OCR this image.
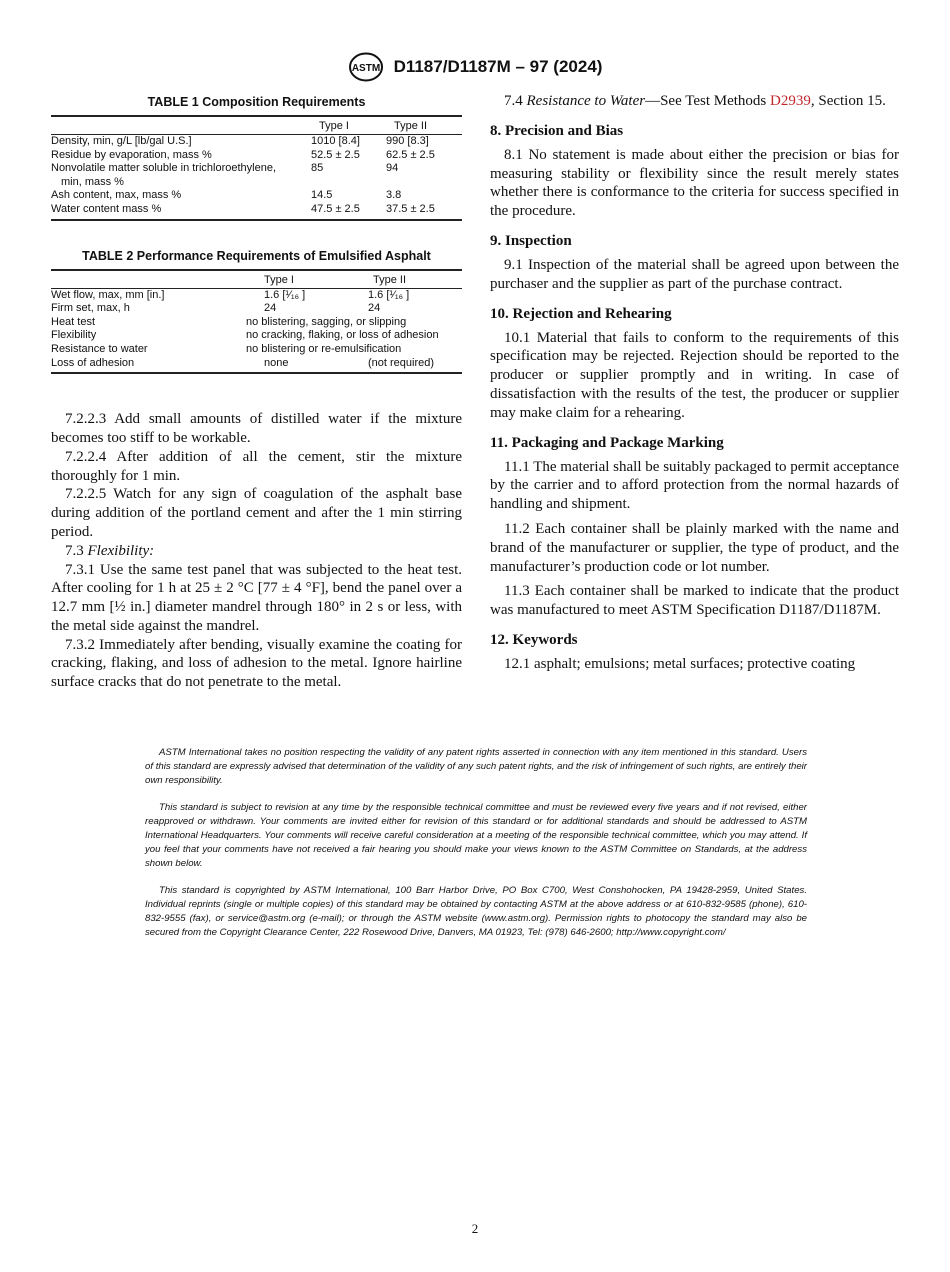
ASTM D1187/D1187M – 97 (2024)
TABLE 1 Composition Requirements
	Type I	Type II
Density, min, g/L [lb/gal U.S.]	1010 [8.4]	990 [8.3]
Residue by evaporation, mass %	52.5 ± 2.5	62.5 ± 2.5

Nonvolatile matter soluble in trichloroethylene,
min, mass %	85	94
Ash content, max, mass %	14.5	3.8
Water content mass %	47.5 ± 2.5	37.5 ± 2.5
TABLE 2 Performance Requirements of Emulsified Asphalt
	Type I	Type II
Wet flow, max, mm [in.]	1.6 [¹⁄₁₆ ]	1.6 [¹⁄₁₆ ]
Firm set, max, h	24	24
Heat test	no blistering, sagging, or slipping	
Flexibility	no cracking, flaking, or loss of adhesion	
Resistance to water	no blistering or re-emulsification	
Loss of adhesion	none	(not required)

7.2.2.3 Add small amounts of distilled water if the mixture becomes too stiff to be workable.

7.2.2.4 After addition of all the cement, stir the mixture thoroughly for 1 min.

7.2.2.5 Watch for any sign of coagulation of the asphalt base during addition of the portland cement and after the 1 min stirring period.

7.3 Flexibility:

7.3.1 Use the same test panel that was subjected to the heat test. After cooling for 1 h at 25 ± 2 °C [77 ± 4 °F], bend the panel over a 12.7 mm [½ in.] diameter mandrel through 180° in 2 s or less, with the metal side against the mandrel.

7.3.2 Immediately after bending, visually examine the coating for cracking, flaking, and loss of adhesion to the metal. Ignore hairline surface cracks that do not penetrate to the metal.

7.4 Resistance to Water—See Test Methods D2939, Section 15.

8. Precision and Bias

8.1 No statement is made about either the precision or bias for measuring stability or flexibility since the result merely states whether there is conformance to the criteria for success specified in the procedure.

9. Inspection

9.1 Inspection of the material shall be agreed upon between the purchaser and the supplier as part of the purchase contract.

10. Rejection and Rehearing

10.1 Material that fails to conform to the requirements of this specification may be rejected. Rejection should be reported to the producer or supplier promptly and in writing. In case of dissatisfaction with the results of the test, the producer or supplier may make claim for a rehearing.

11. Packaging and Package Marking

11.1 The material shall be suitably packaged to permit acceptance by the carrier and to afford protection from the normal hazards of handling and shipment.

11.2 Each container shall be plainly marked with the name and brand of the manufacturer or supplier, the type of product, and the manufacturer’s production code or lot number.

11.3 Each container shall be marked to indicate that the product was manufactured to meet ASTM Specification D1187/D1187M.

12. Keywords

12.1 asphalt; emulsions; metal surfaces; protective coating

ASTM International takes no position respecting the validity of any patent rights asserted in connection with any item mentioned in this standard. Users of this standard are expressly advised that determination of the validity of any such patent rights, and the risk of infringement of such rights, are entirely their own responsibility.

This standard is subject to revision at any time by the responsible technical committee and must be reviewed every five years and if not revised, either reapproved or withdrawn. Your comments are invited either for revision of this standard or for additional standards and should be addressed to ASTM International Headquarters. Your comments will receive careful consideration at a meeting of the responsible technical committee, which you may attend. If you feel that your comments have not received a fair hearing you should make your views known to the ASTM Committee on Standards, at the address shown below.

This standard is copyrighted by ASTM International, 100 Barr Harbor Drive, PO Box C700, West Conshohocken, PA 19428-2959, United States. Individual reprints (single or multiple copies) of this standard may be obtained by contacting ASTM at the above address or at 610-832-9585 (phone), 610-832-9555 (fax), or service@astm.org (e-mail); or through the ASTM website (www.astm.org). Permission rights to photocopy the standard may also be secured from the Copyright Clearance Center, 222 Rosewood Drive, Danvers, MA 01923, Tel: (978) 646-2600; http://www.copyright.com/

2
